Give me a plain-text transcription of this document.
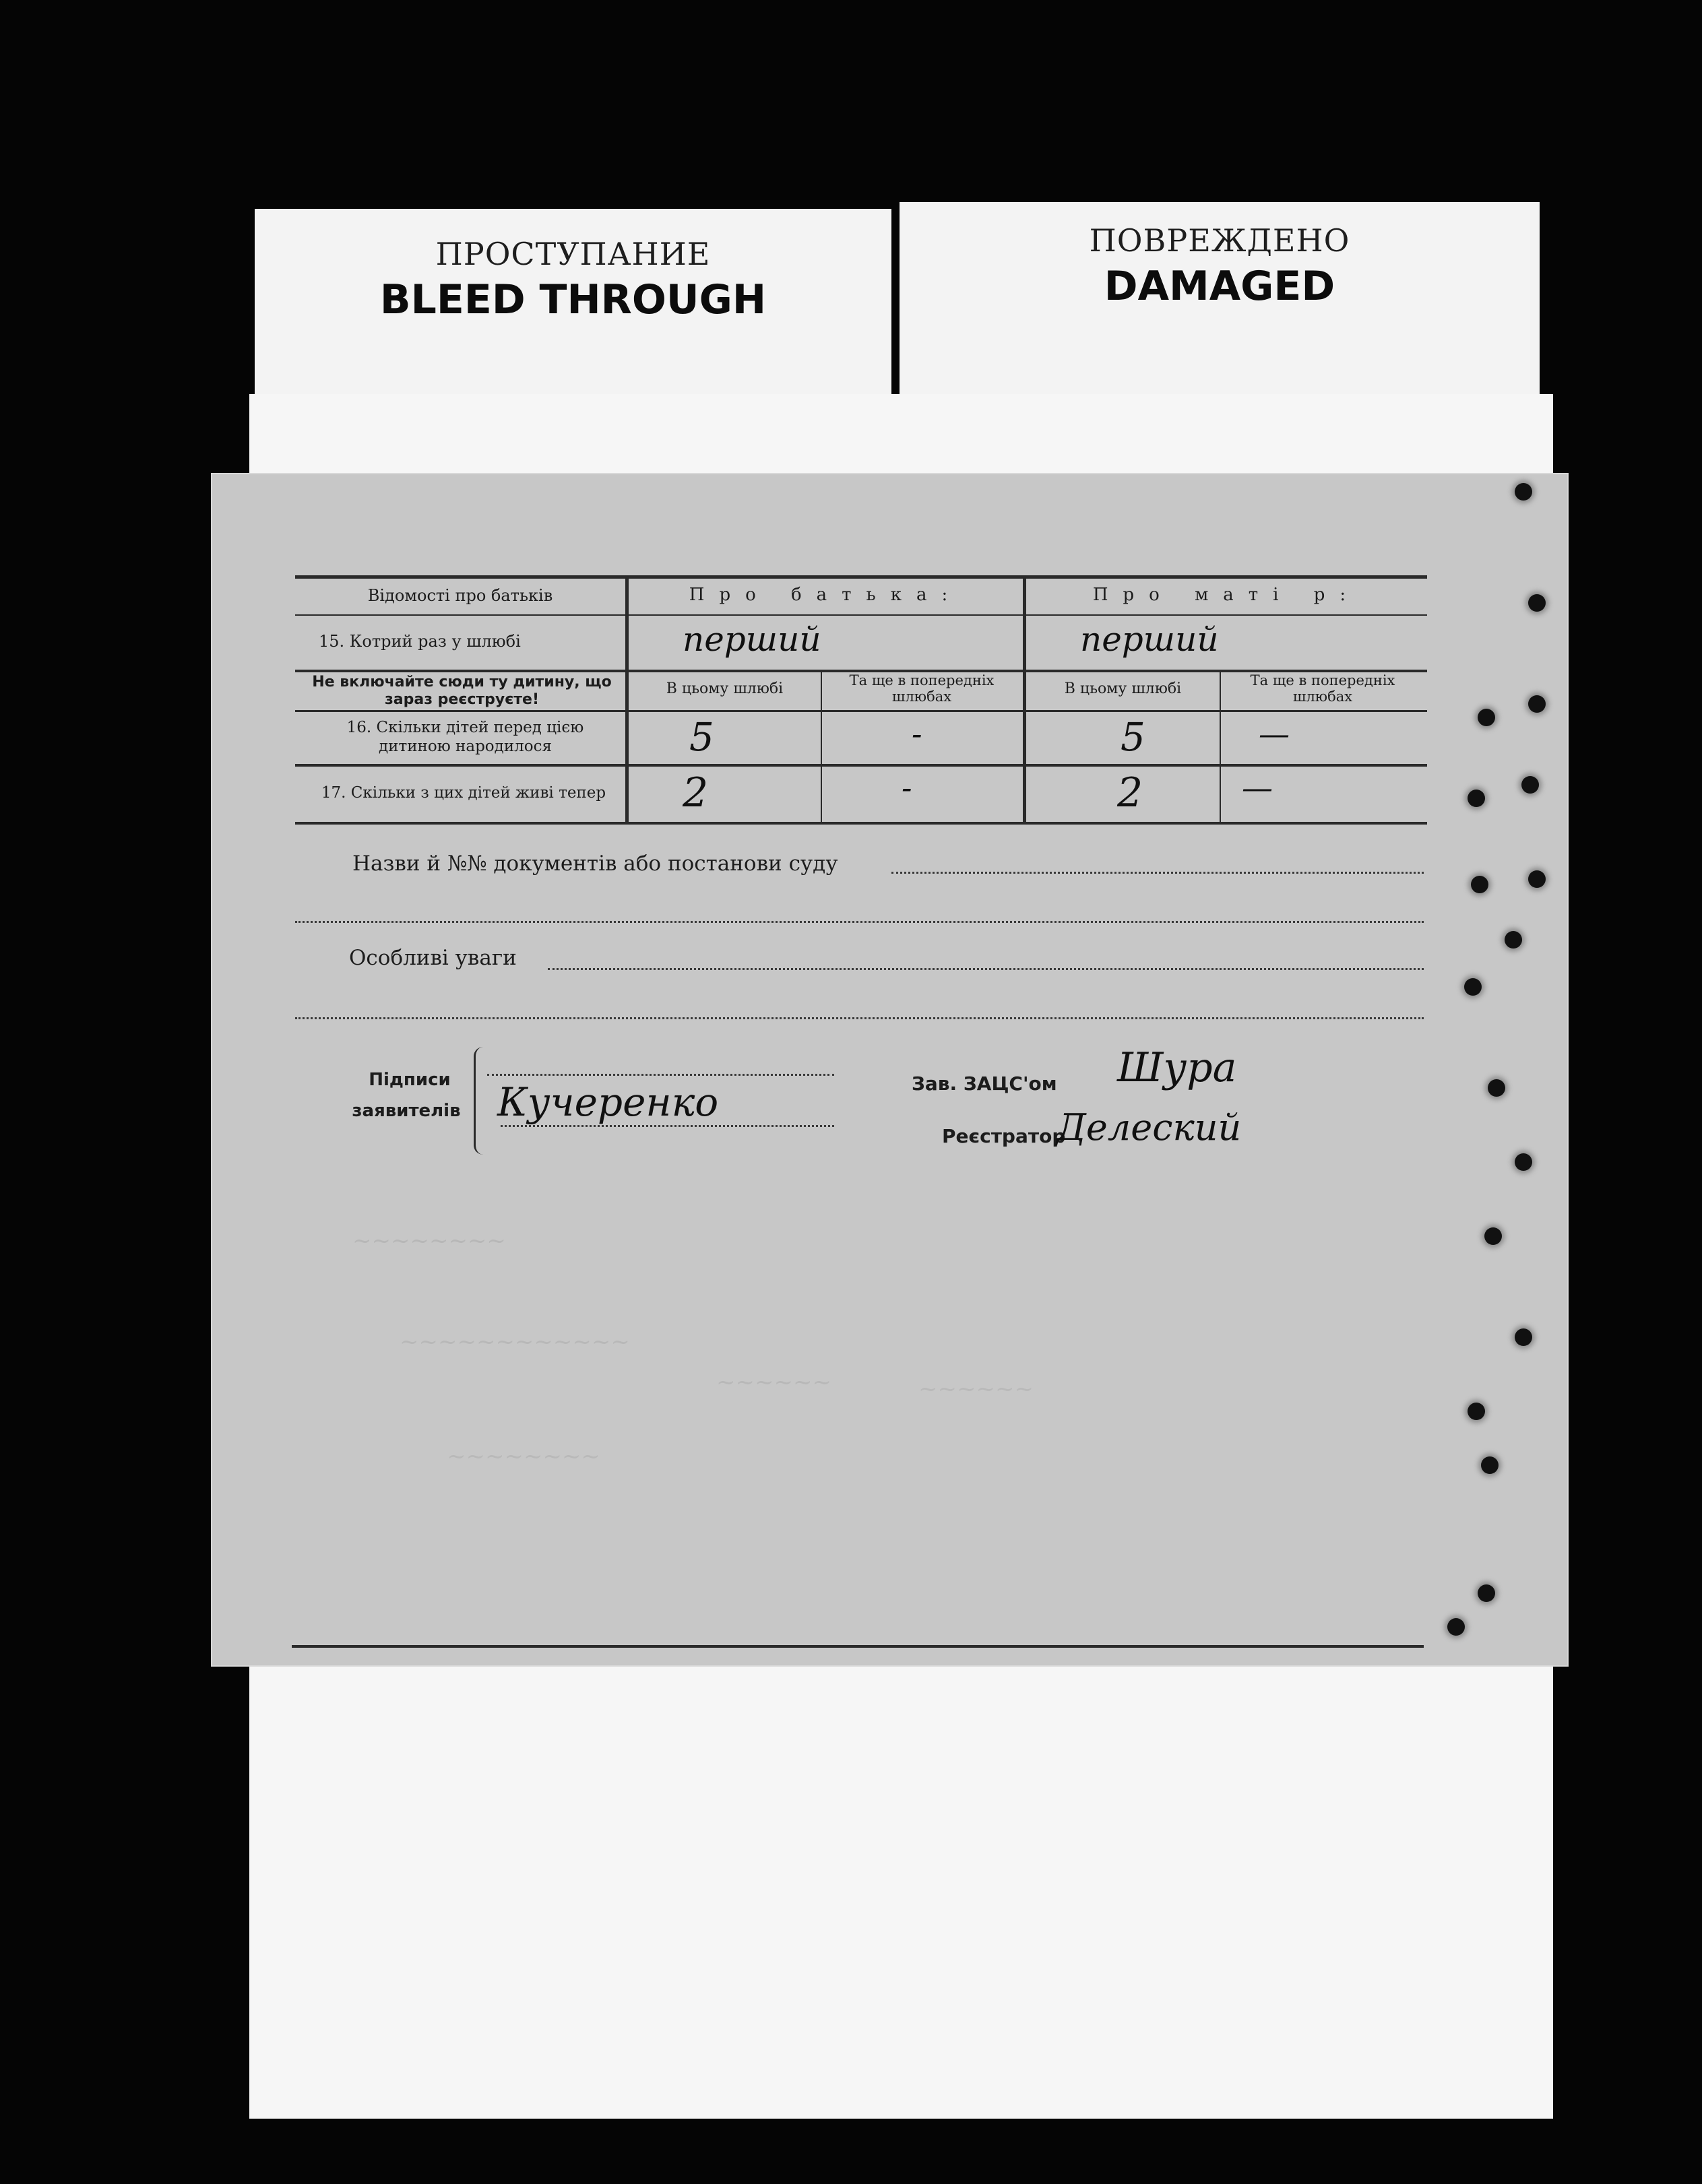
ПРОСТУПАНИЕ
BLEED THROUGH
ПОВРЕЖДЕНО
DAMAGED
Відомості про батьків	Про батька:	Про маті р:
15. Котрий раз у шлюбі	перший	перший
Не включайте сюди ту дитину, що зараз реєструєте!
В цьому шлюбі	Та ще в попередніх шлюбах	В цьому шлюбі	Та ще в попередніх шлюбах
16. Скільки дітей перед цією дитиною народилося	5	-	5	—
17. Скільки з цих дітей живі тепер	2	-	2	—
Назви й №№ документів або постанови суду
Особливі уваги
Підписи
заявителів Кучеренко	Зав. ЗАЦС'ом Шура
Реєстратор
Делеский
~~~~~~~~
~~~~~~~~~~~~
~~~~~~
~~~~~~~~
~~~~~~
